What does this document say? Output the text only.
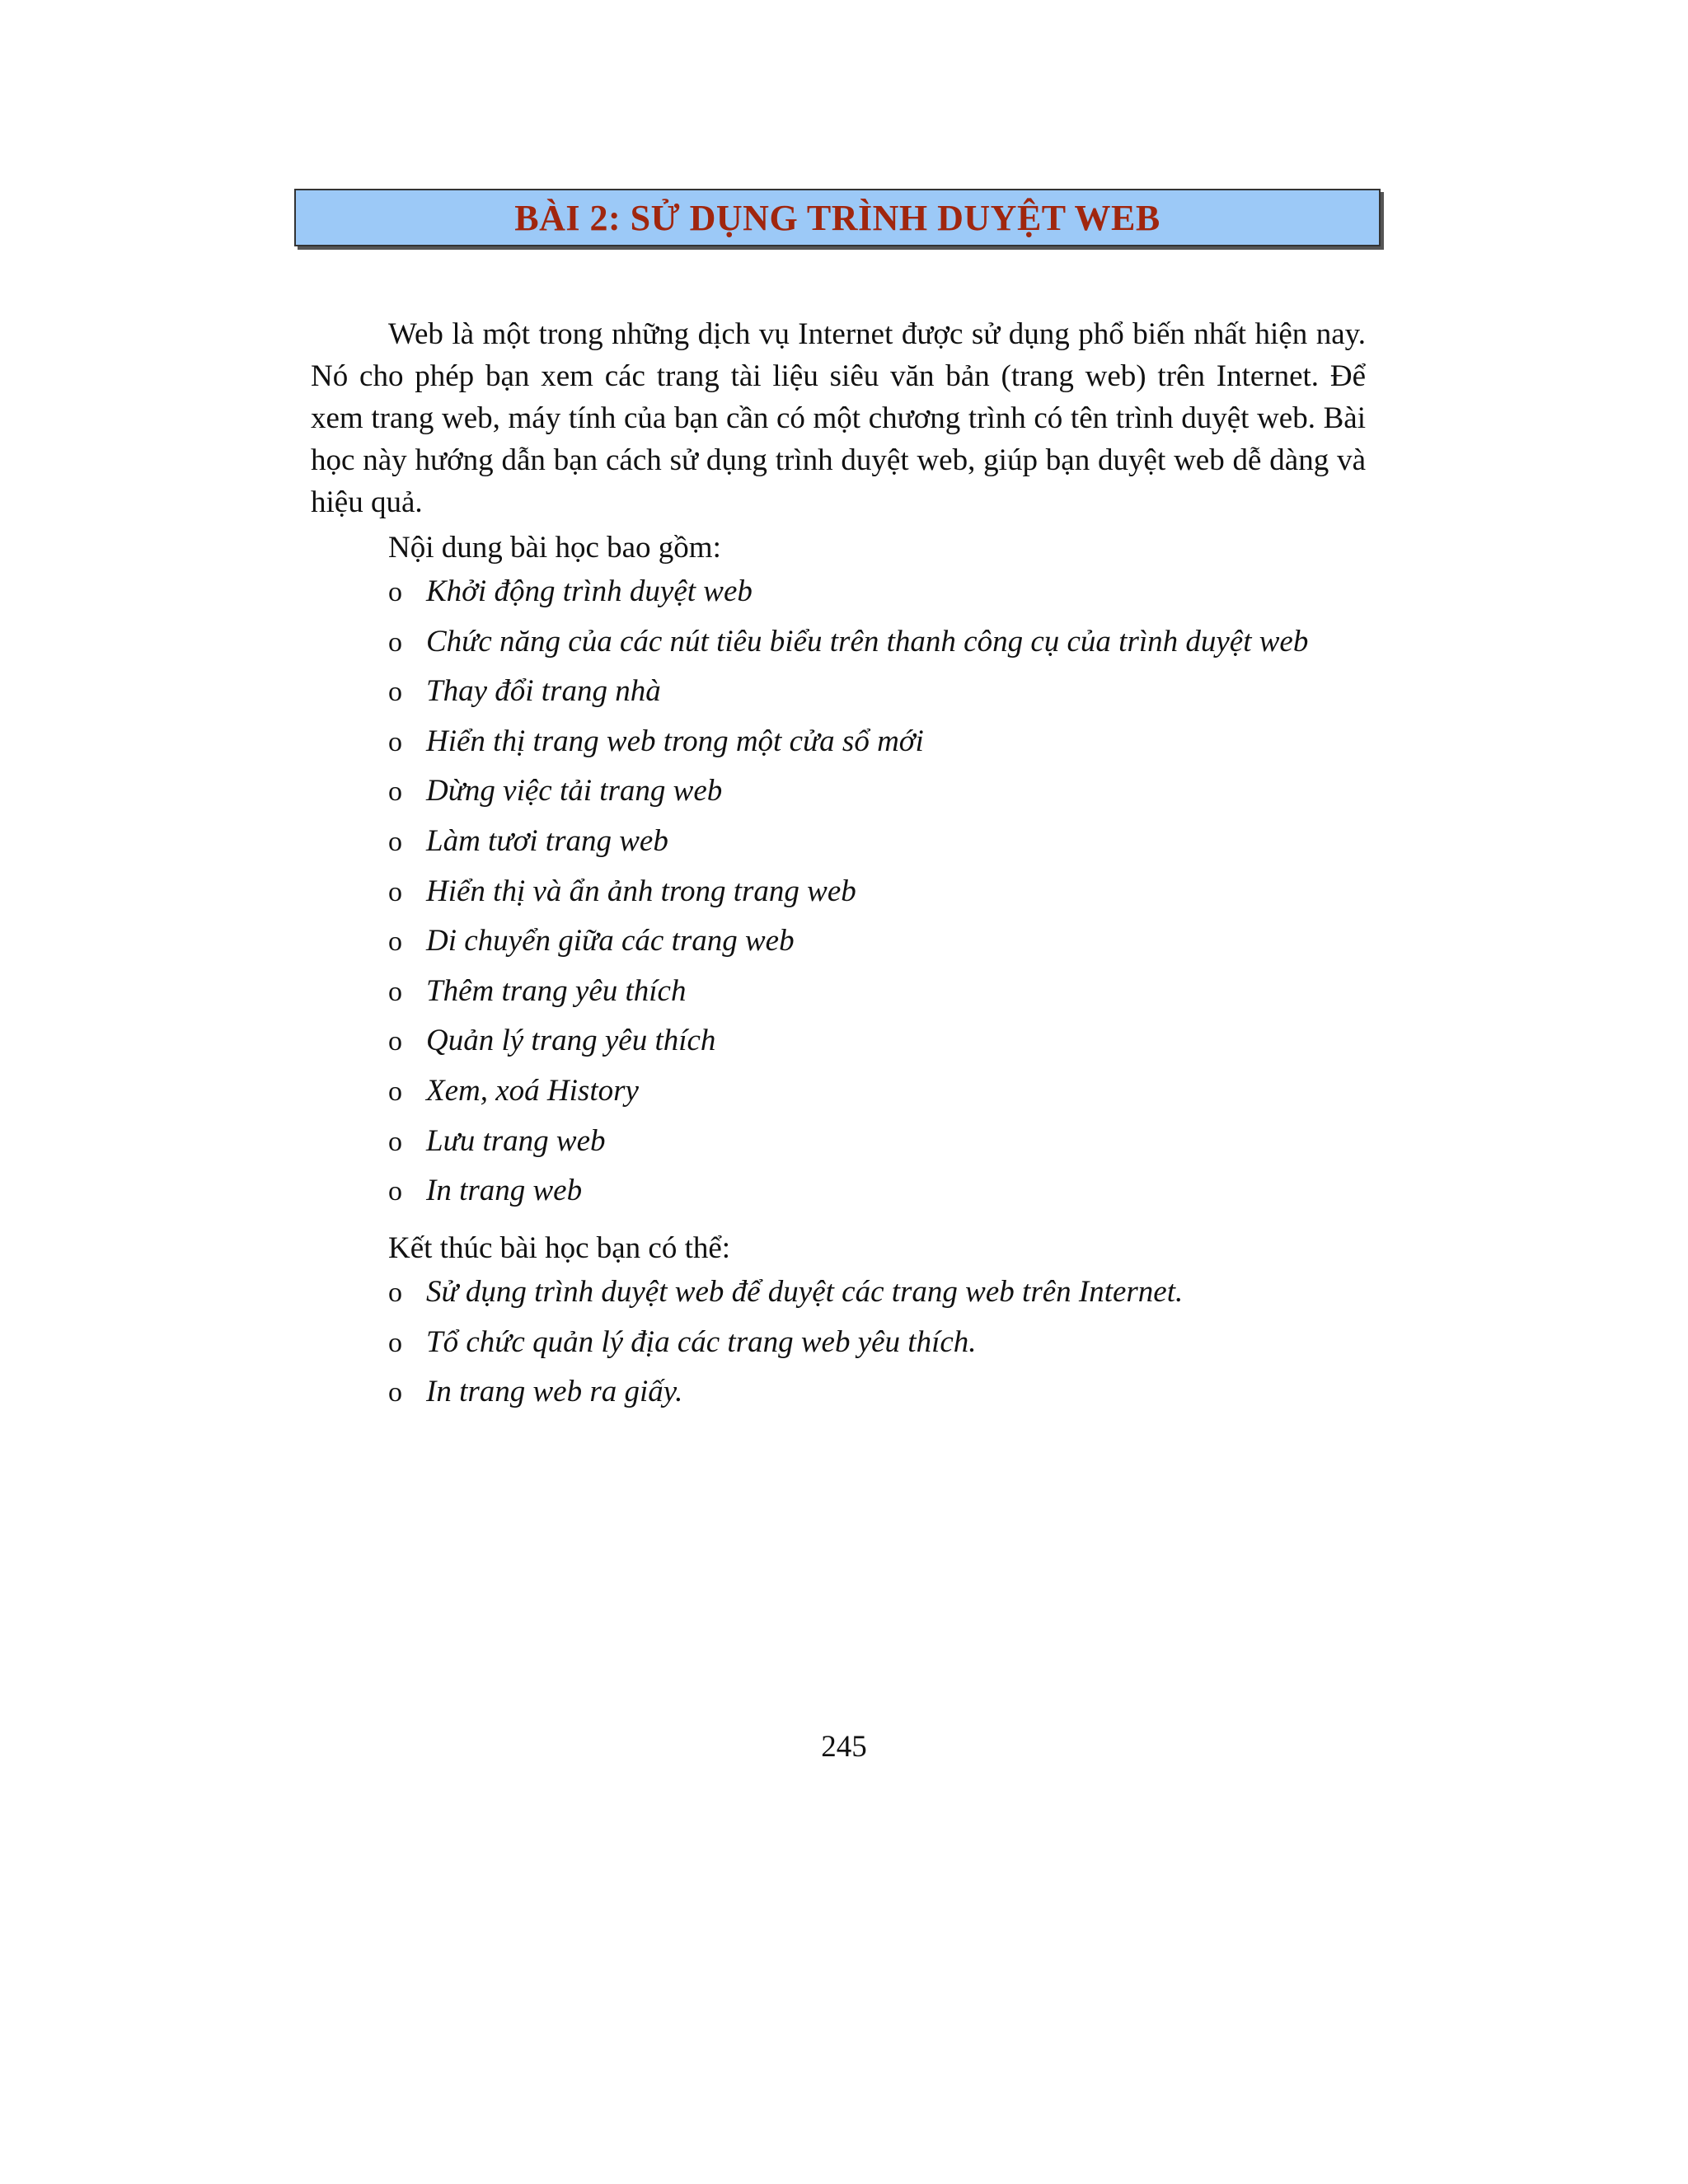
BÀI 2: SỬ DỤNG TRÌNH DUYỆT WEB

Web là một trong những dịch vụ Internet được sử dụng phổ biến nhất hiện nay. Nó cho phép bạn xem các trang tài liệu siêu văn bản (trang web) trên Internet. Để xem trang web, máy tính của bạn cần có một chương trình có tên trình duyệt web. Bài học này hướng dẫn bạn cách sử dụng trình duyệt web, giúp bạn duyệt web dễ dàng và hiệu quả.

Nội dung bài học bao gồm:

o Khởi động trình duyệt web
o Chức năng của các nút tiêu biểu trên thanh công cụ của trình duyệt web
o Thay đổi trang nhà
o Hiển thị trang web trong một cửa sổ mới
o Dừng việc tải trang web
o Làm tươi trang web
o Hiển thị và ẩn ảnh trong trang web
o Di chuyển giữa các trang web
o Thêm trang yêu thích
o Quản lý trang yêu thích
o Xem, xoá History
o Lưu trang web
o In trang web

Kết thúc bài học bạn có thể:

o Sử dụng trình duyệt web để duyệt các trang web trên Internet.
o Tổ chức quản lý địa các trang web yêu thích.
o In trang web ra giấy.
245
